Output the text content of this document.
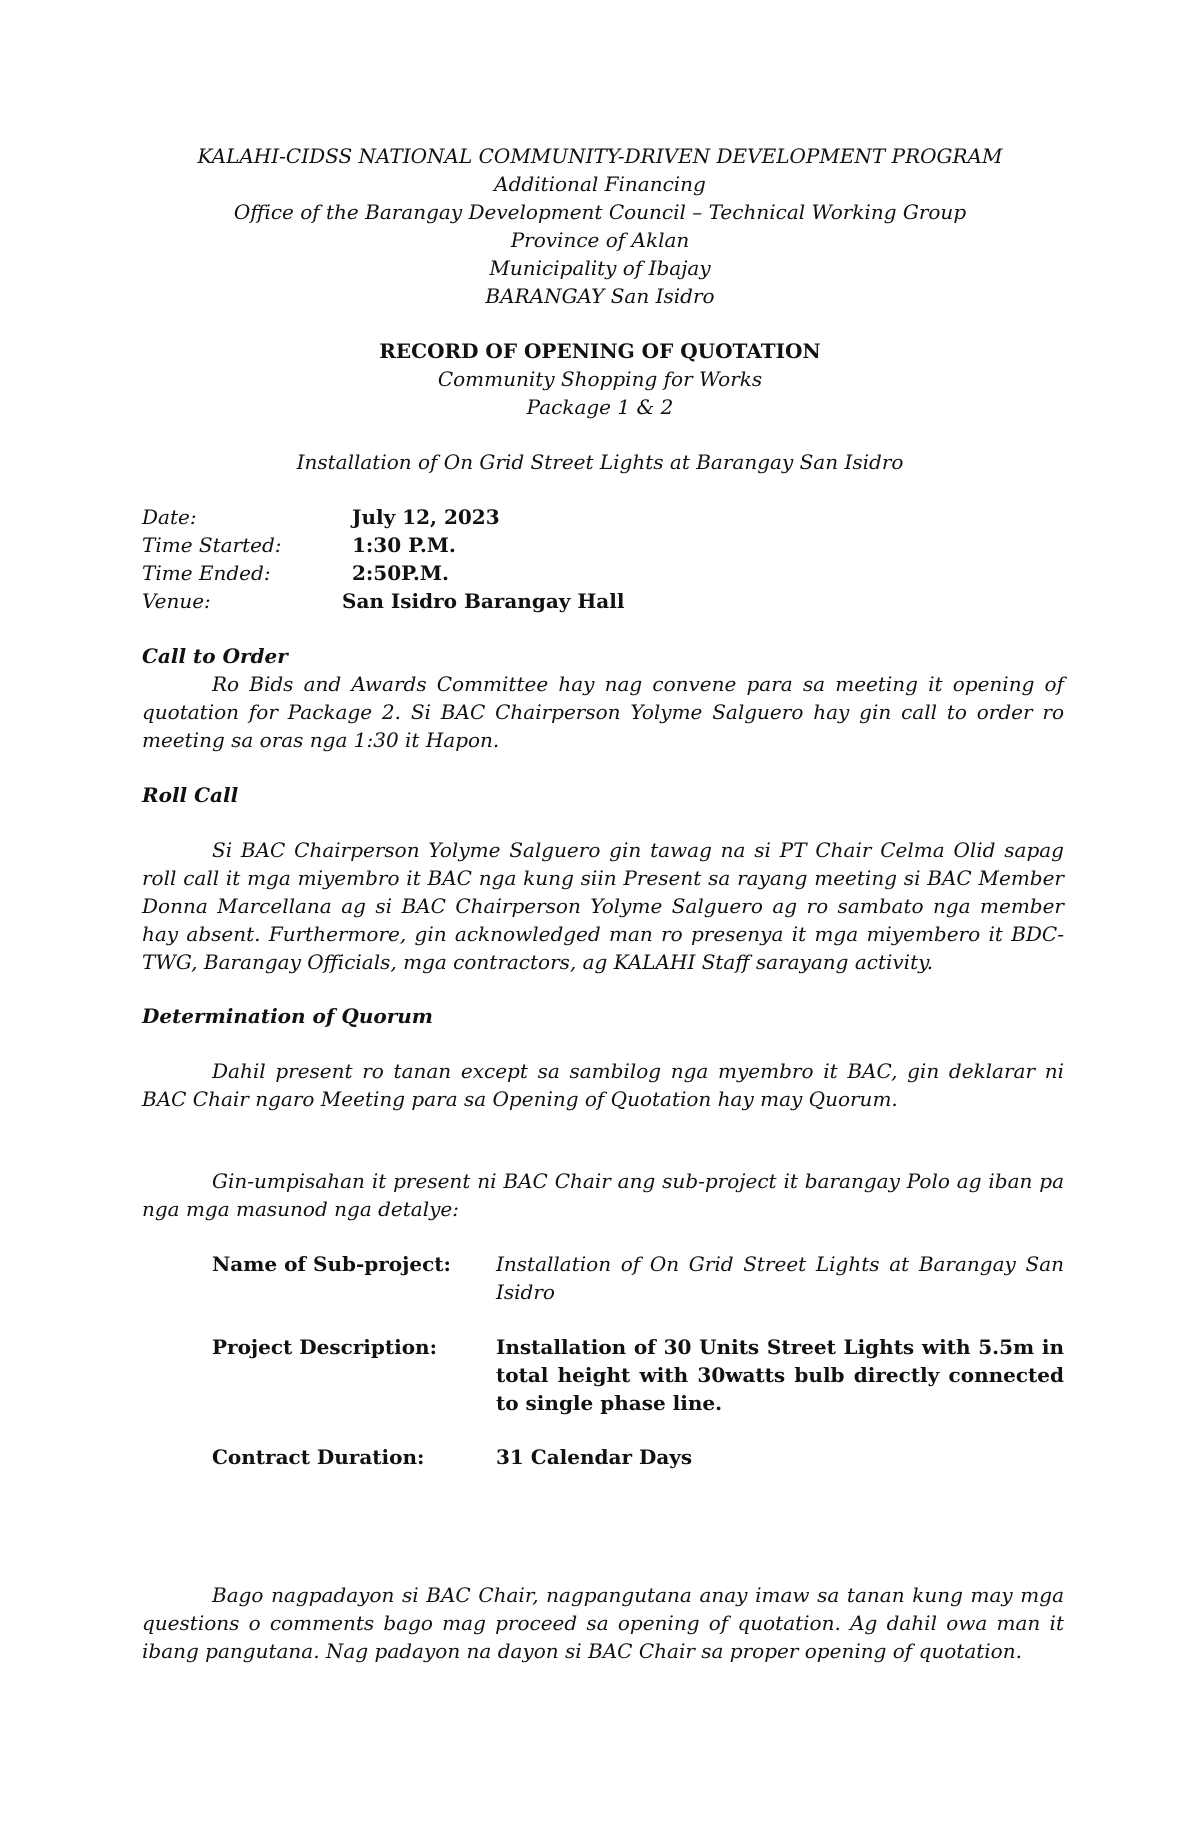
KALAHI-CIDSS NATIONAL COMMUNITY-DRIVEN DEVELOPMENT PROGRAM
Additional Financing
Office of the Barangay Development Council – Technical Working Group
Province of Aklan
Municipality of Ibajay
BARANGAY San Isidro
RECORD OF OPENING OF QUOTATION
Community Shopping for Works
Package 1 & 2
Installation of On Grid Street Lights at Barangay San Isidro
Date:	July 12, 2023
Time Started:	1:30 P.M.
Time Ended:	2:50P.M.
Venue:	San Isidro Barangay Hall
Call to Order
Ro Bids and Awards Committee hay nag convene para sa meeting it opening of quotation for Package 2. Si BAC Chairperson Yolyme Salguero hay gin call to order ro meeting sa oras nga 1:30 it Hapon.
Roll Call
Si BAC Chairperson Yolyme Salguero gin tawag na si PT Chair Celma Olid sapag roll call it mga miyembro it BAC nga kung siin Present sa rayang meeting si BAC Member Donna Marcellana ag si BAC Chairperson Yolyme Salguero ag ro sambato nga member hay absent. Furthermore, gin acknowledged man ro presenya it mga miyembero it BDC-TWG, Barangay Officials, mga contractors, ag KALAHI Staff sarayang activity.
Determination of Quorum
Dahil present ro tanan except sa sambilog nga myembro it BAC, gin deklarar ni BAC Chair ngaro Meeting para sa Opening of Quotation hay may Quorum.
Gin-umpisahan it present ni BAC Chair ang sub-project it barangay Polo ag iban pa nga mga masunod nga detalye:
Name of Sub-project: Installation of On Grid Street Lights at Barangay San Isidro
Project Description:	Installation of 30 Units Street Lights with 5.5m in total height with 30watts bulb directly connected to single phase line.
Contract Duration:	31 Calendar Days
Bago nagpadayon si BAC Chair, nagpangutana anay imaw sa tanan kung may mga questions o comments bago mag proceed sa opening of quotation. Ag dahil owa man it ibang pangutana. Nag padayon na dayon si BAC Chair sa proper opening of quotation.
